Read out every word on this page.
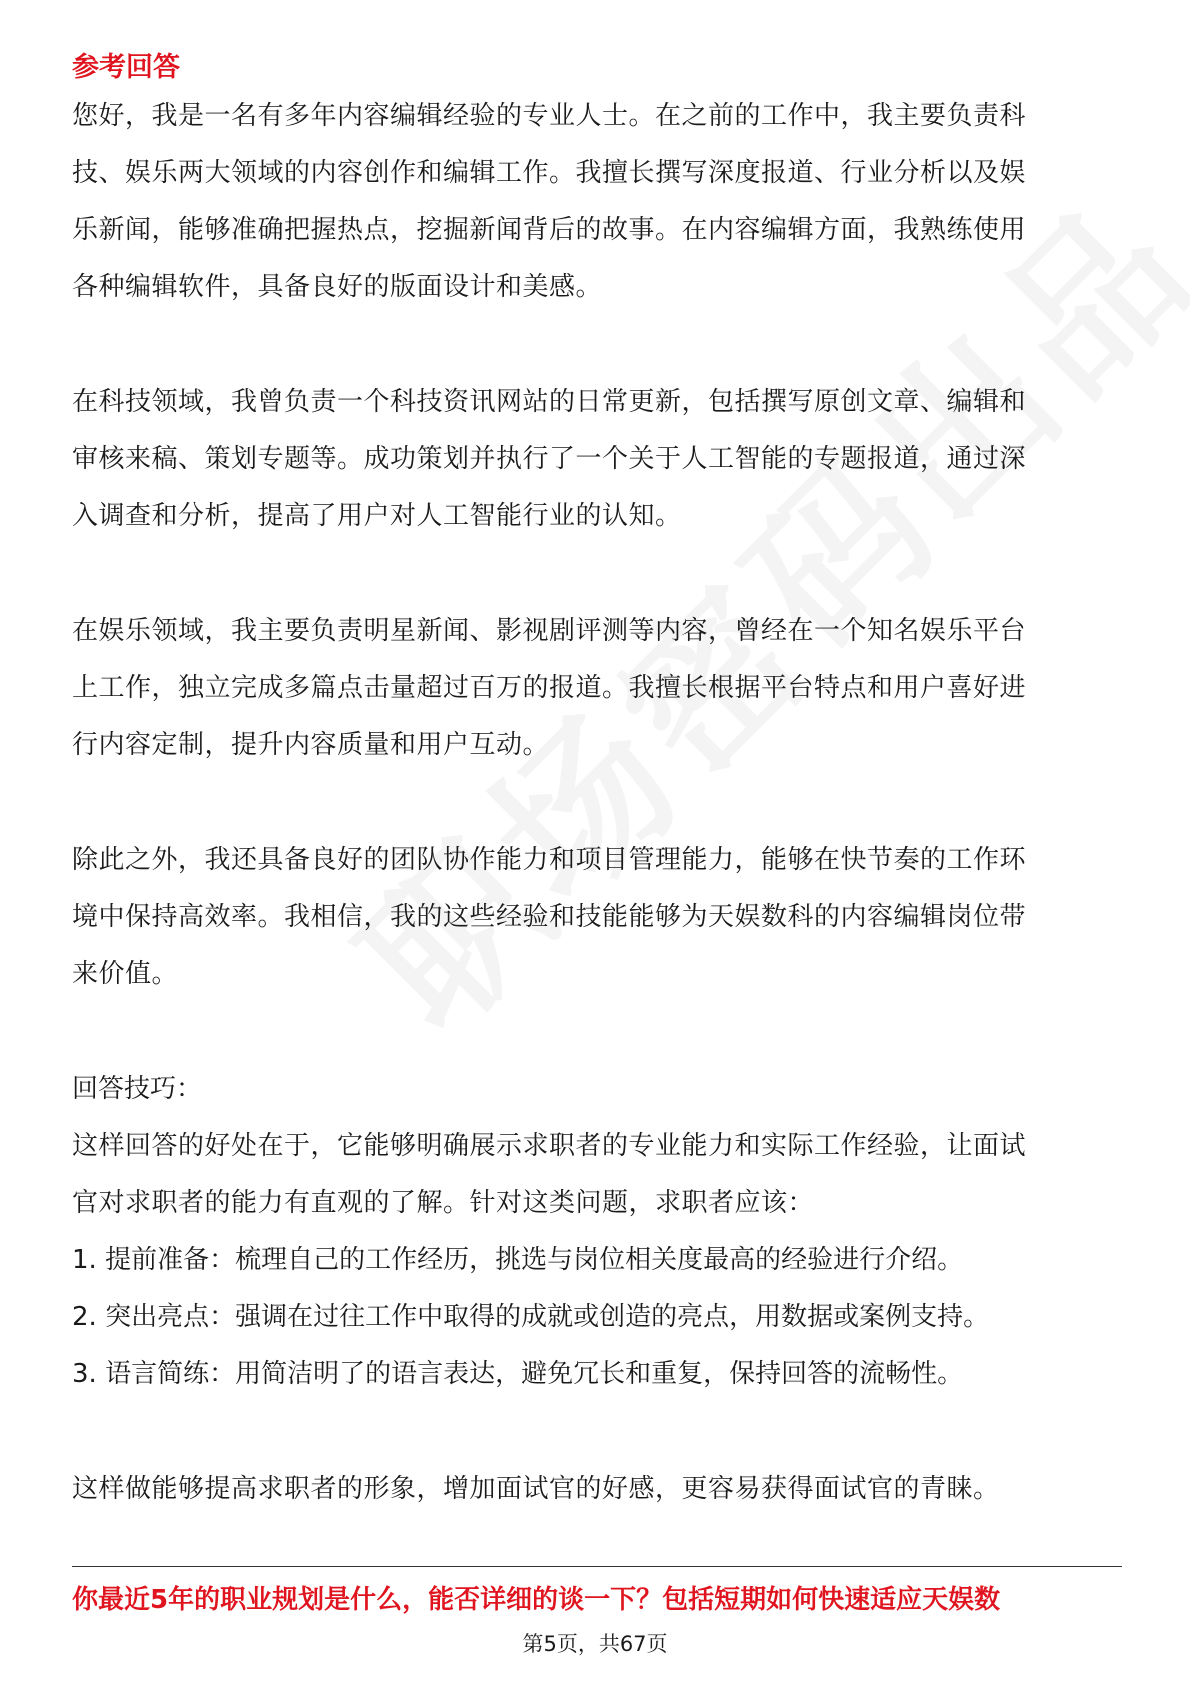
参考回答

您好，我是一名有多年内容编辑经验的专业人士。在之前的工作中，我主要负责科

技、娱乐两大领域的内容创作和编辑工作。我擅长撰写深度报道、行业分析以及娱

乐新闻，能够准确把握热点，挖掘新闻背后的故事。在内容编辑方面，我熟练使用

各种编辑软件，具备良好的版面设计和美感。

在科技领域，我曾负责一个科技资讯网站的日常更新，包括撰写原创文章、编辑和

审核来稿、策划专题等。成功策划并执行了一个关于人工智能的专题报道，通过深

入调查和分析，提高了用户对人工智能行业的认知。

在娱乐领域，我主要负责明星新闻、影视剧评测等内容，曾经在一个知名娱乐平台

上工作，独立完成多篇点击量超过百万的报道。我擅长根据平台特点和用户喜好进

行内容定制，提升内容质量和用户互动。

除此之外，我还具备良好的团队协作能力和项目管理能力，能够在快节奏的工作环

境中保持高效率。我相信，我的这些经验和技能能够为天娱数科的内容编辑岗位带

来价值。

回答技巧：

这样回答的好处在于，它能够明确展示求职者的专业能力和实际工作经验，让面试

官对求职者的能力有直观的了解。针对这类问题，求职者应该：

1. 提前准备：梳理自己的工作经历，挑选与岗位相关度最高的经验进行介绍。

2. 突出亮点：强调在过往工作中取得的成就或创造的亮点，用数据或案例支持。

3. 语言简练：用简洁明了的语言表达，避免冗长和重复，保持回答的流畅性。

这样做能够提高求职者的形象，增加面试官的好感，更容易获得面试官的青睐。

你最近5年的职业规划是什么，能否详细的谈一下？包括短期如何快速适应天娱数

第5页，共67页
